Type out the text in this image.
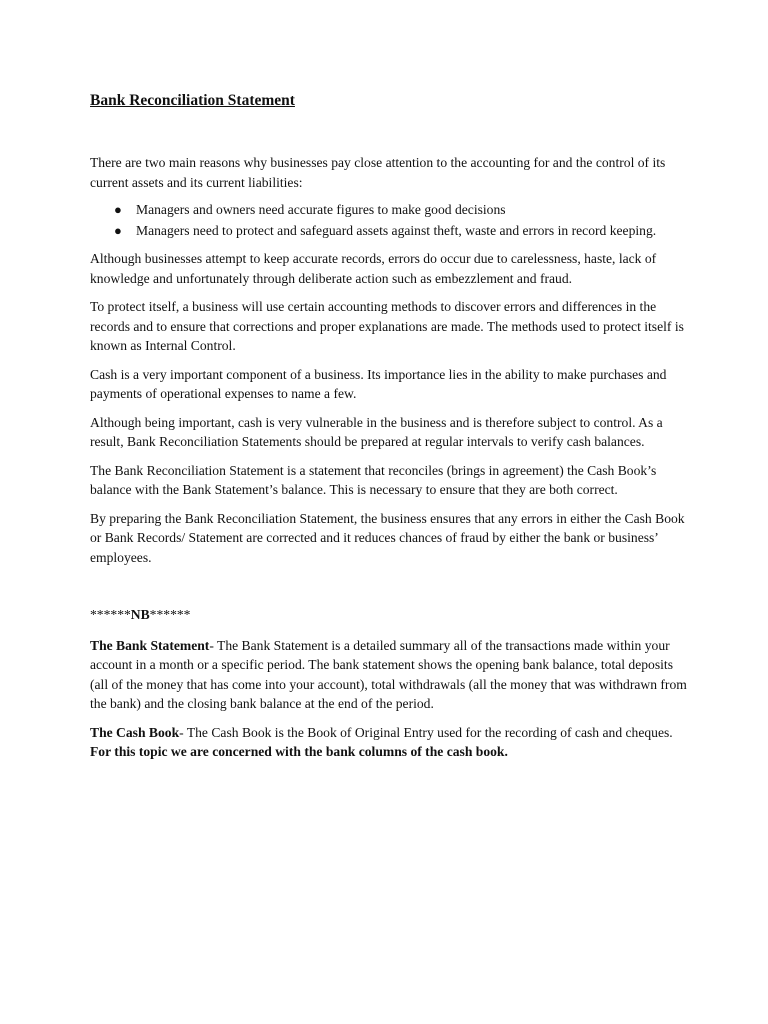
Bank Reconciliation Statement

There are two main reasons why businesses pay close attention to the accounting for and the control of its current assets and its current liabilities:

● Managers and owners need accurate figures to make good decisions
● Managers need to protect and safeguard assets against theft, waste and errors in record keeping.

Although businesses attempt to keep accurate records, errors do occur due to carelessness, haste, lack of knowledge and unfortunately through deliberate action such as embezzlement and fraud.

To protect itself, a business will use certain accounting methods to discover errors and differences in the records and to ensure that corrections and proper explanations are made. The methods used to protect itself is known as Internal Control.

Cash is a very important component of a business. Its importance lies in the ability to make purchases and payments of operational expenses to name a few.

Although being important, cash is very vulnerable in the business and is therefore subject to control. As a result, Bank Reconciliation Statements should be prepared at regular intervals to verify cash balances.

The Bank Reconciliation Statement is a statement that reconciles (brings in agreement) the Cash Book’s balance with the Bank Statement’s balance. This is necessary to ensure that they are both correct.

By preparing the Bank Reconciliation Statement, the business ensures that any errors in either the Cash Book or Bank Records/ Statement are corrected and it reduces chances of fraud by either the bank or business’ employees.

******NB******

The Bank Statement- The Bank Statement is a detailed summary all of the transactions made within your account in a month or a specific period. The bank statement shows the opening bank balance, total deposits (all of the money that has come into your account), total withdrawals (all the money that was withdrawn from the bank) and the closing bank balance at the end of the period.

The Cash Book- The Cash Book is the Book of Original Entry used for the recording of cash and cheques. For this topic we are concerned with the bank columns of the cash book.
